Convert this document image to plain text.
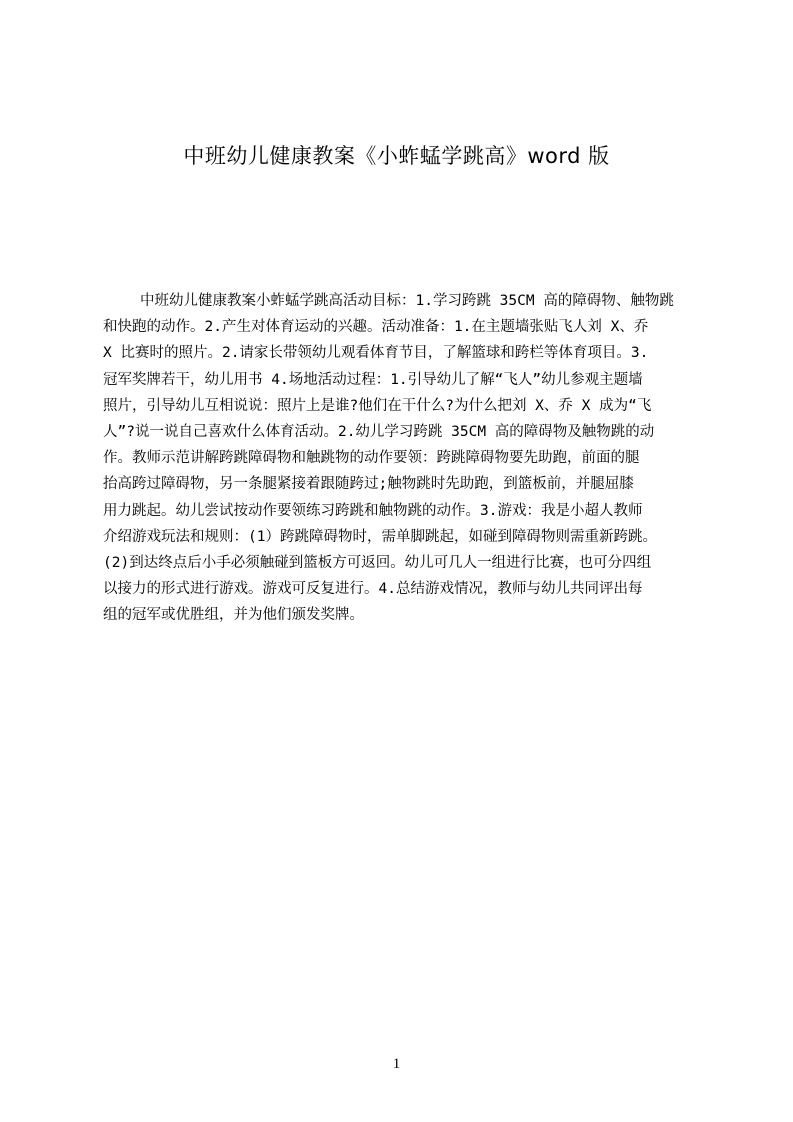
中班幼儿健康教案《小蚱蜢学跳高》word 版
中班幼儿健康教案小蚱蜢学跳高活动目标：1.学习跨跳 35CM 高的障碍物、触物跳
和快跑的动作。2.产生对体育运动的兴趣。活动准备：1.在主题墙张贴飞人刘 X、乔
X 比赛时的照片。2.请家长带领幼儿观看体育节目，了解篮球和跨栏等体育项目。3.
冠军奖牌若干，幼儿用书 4.场地活动过程：1.引导幼儿了解“飞人”幼儿参观主题墙
照片，引导幼儿互相说说：照片上是谁?他们在干什么?为什么把刘 X、乔 X 成为“飞
人”?说一说自己喜欢什么体育活动。2.幼儿学习跨跳 35CM 高的障碍物及触物跳的动
作。教师示范讲解跨跳障碍物和触跳物的动作要领：跨跳障碍物要先助跑，前面的腿
抬高跨过障碍物，另一条腿紧接着跟随跨过;触物跳时先助跑，到篮板前，并腿屈膝
用力跳起。幼儿尝试按动作要领练习跨跳和触物跳的动作。3.游戏：我是小超人教师
介绍游戏玩法和规则：(1）跨跳障碍物时，需单脚跳起，如碰到障碍物则需重新跨跳。
(2)到达终点后小手必须触碰到篮板方可返回。幼儿可几人一组进行比赛，也可分四组
以接力的形式进行游戏。游戏可反复进行。4.总结游戏情况，教师与幼儿共同评出每
组的冠军或优胜组，并为他们颁发奖牌。
1
